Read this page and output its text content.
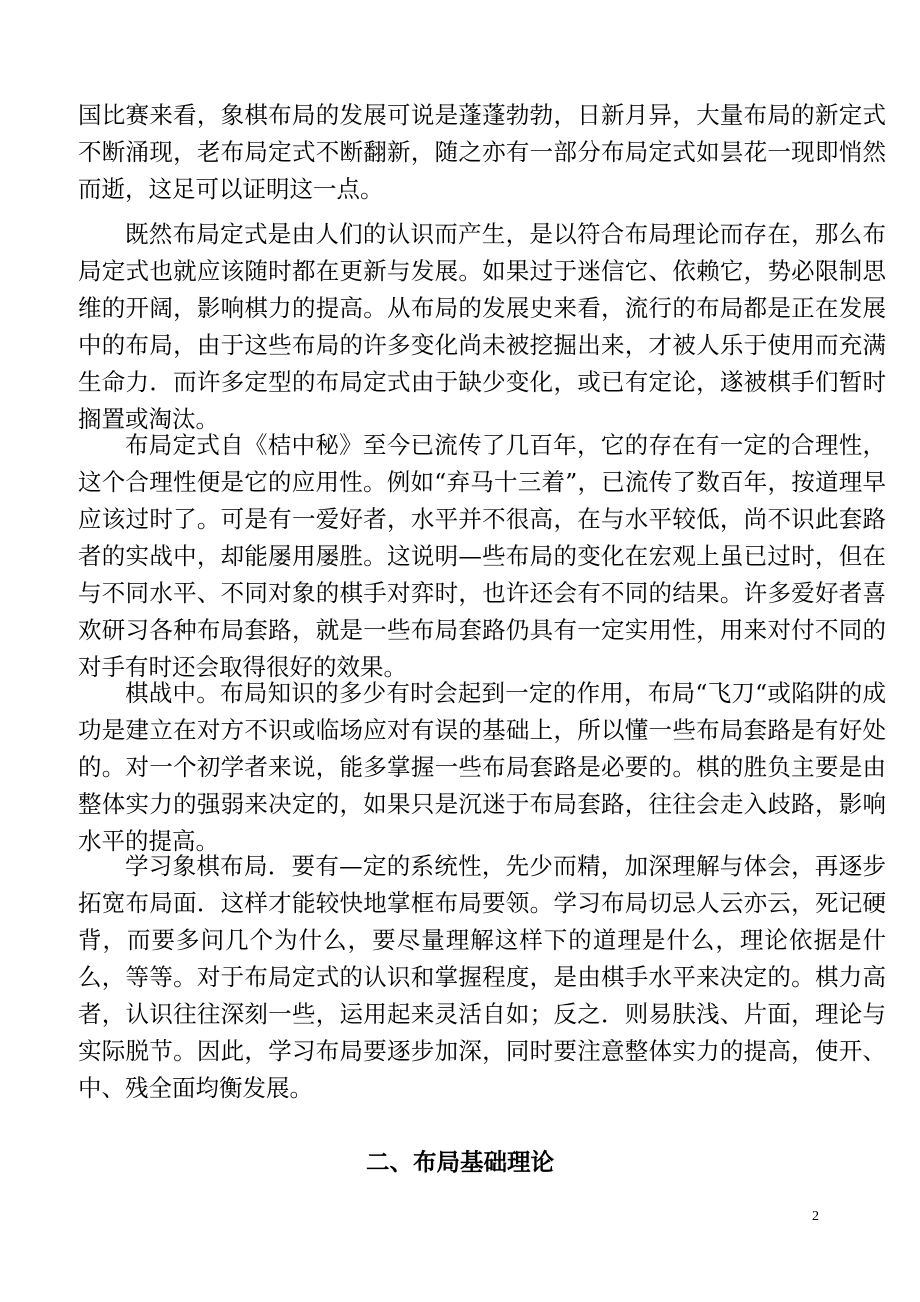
国比赛来看，象棋布局的发展可说是蓬蓬勃勃，日新月异，大量布局的新定式不断涌现，老布局定式不断翻新，随之亦有一部分布局定式如昙花一现即悄然而逝，这足可以证明这一点。

既然布局定式是由人们的认识而产生，是以符合布局理论而存在，那么布局定式也就应该随时都在更新与发展。如果过于迷信它、依赖它，势必限制思维的开阔，影响棋力的提高。从布局的发展史来看，流行的布局都是正在发展中的布局，由于这些布局的许多变化尚未被挖掘出来，才被人乐于使用而充满生命力．而许多定型的布局定式由于缺少变化，或已有定论，遂被棋手们暂时搁置或淘汰。

布局定式自《桔中秘》至今已流传了几百年，它的存在有一定的合理性，这个合理性便是它的应用性。例如“弃马十三着”，已流传了数百年，按道理早应该过时了。可是有一爱好者，水平并不很高，在与水平较低，尚不识此套路者的实战中，却能屡用屡胜。这说明—些布局的变化在宏观上虽已过时，但在与不同水平、不同对象的棋手对弈时，也许还会有不同的结果。许多爱好者喜欢研习各种布局套路，就是一些布局套路仍具有一定实用性，用来对付不同的对手有时还会取得很好的效果。

棋战中。布局知识的多少有时会起到一定的作用，布局“飞刀“或陷阱的成功是建立在对方不识或临场应对有误的基础上，所以懂一些布局套路是有好处的。对一个初学者来说，能多掌握一些布局套路是必要的。棋的胜负主要是由整体实力的强弱来决定的，如果只是沉迷于布局套路，往往会走入歧路，影响水平的提高。

学习象棋布局．要有—定的系统性，先少而精，加深理解与体会，再逐步拓宽布局面．这样才能较快地掌框布局要领。学习布局切忌人云亦云，死记硬背，而要多问几个为什么，要尽量理解这样下的道理是什么，理论依据是什么，等等。对于布局定式的认识和掌握程度，是由棋手水平来决定的。棋力高者，认识往往深刻一些，运用起来灵活自如；反之．则易肤浅、片面，理论与实际脱节。因此，学习布局要逐步加深，同时要注意整体实力的提高，使开、中、残全面均衡发展。

二、布局基础理论
2
